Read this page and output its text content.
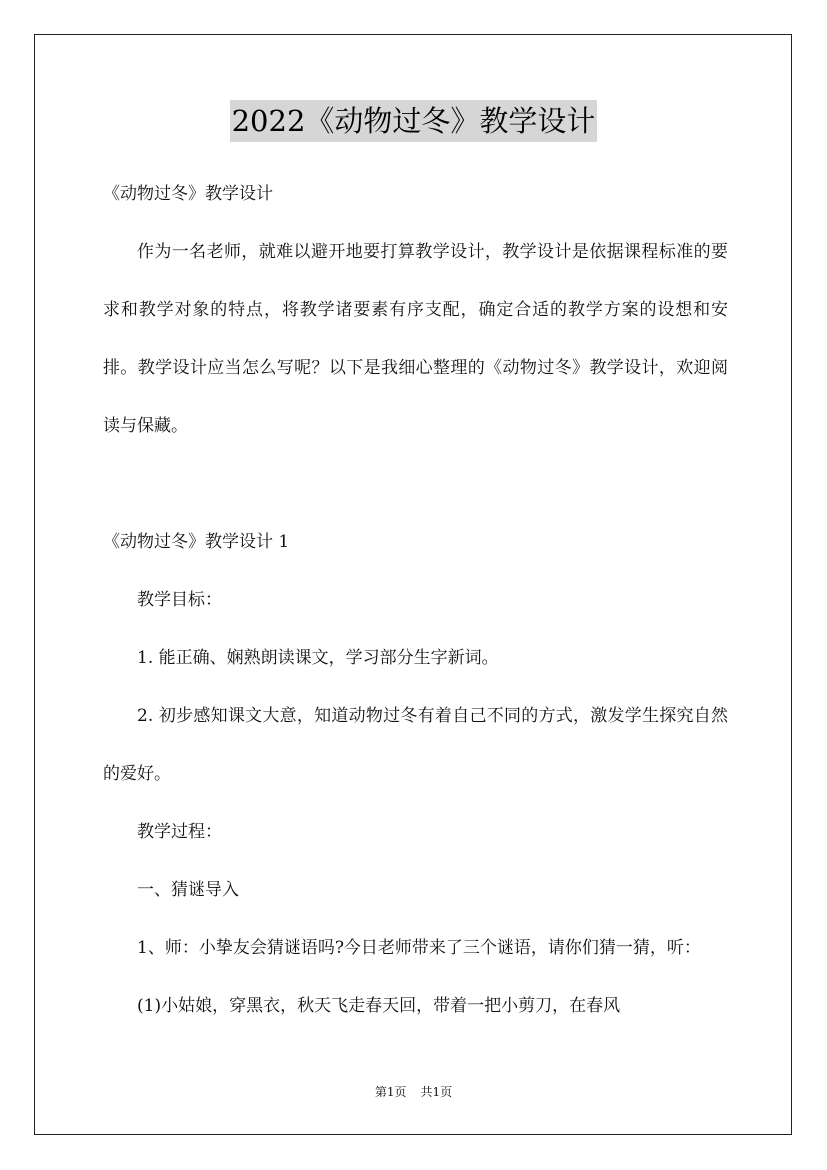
2022《动物过冬》教学设计

《动物过冬》教学设计

作为一名老师，就难以避开地要打算教学设计，教学设计是依据课程标准的要求和教学对象的特点，将教学诸要素有序支配，确定合适的教学方案的设想和安排。教学设计应当怎么写呢？以下是我细心整理的《动物过冬》教学设计，欢迎阅读与保藏。

《动物过冬》教学设计 1

教学目标：

1. 能正确、娴熟朗读课文，学习部分生字新词。

2. 初步感知课文大意，知道动物过冬有着自己不同的方式，激发学生探究自然的爱好。

教学过程：

一、猜谜导入

1、师：小挚友会猜谜语吗?今日老师带来了三个谜语，请你们猜一猜，听：

(1)小姑娘，穿黑衣，秋天飞走春天回，带着一把小剪刀，在春风

第1页 共1页
